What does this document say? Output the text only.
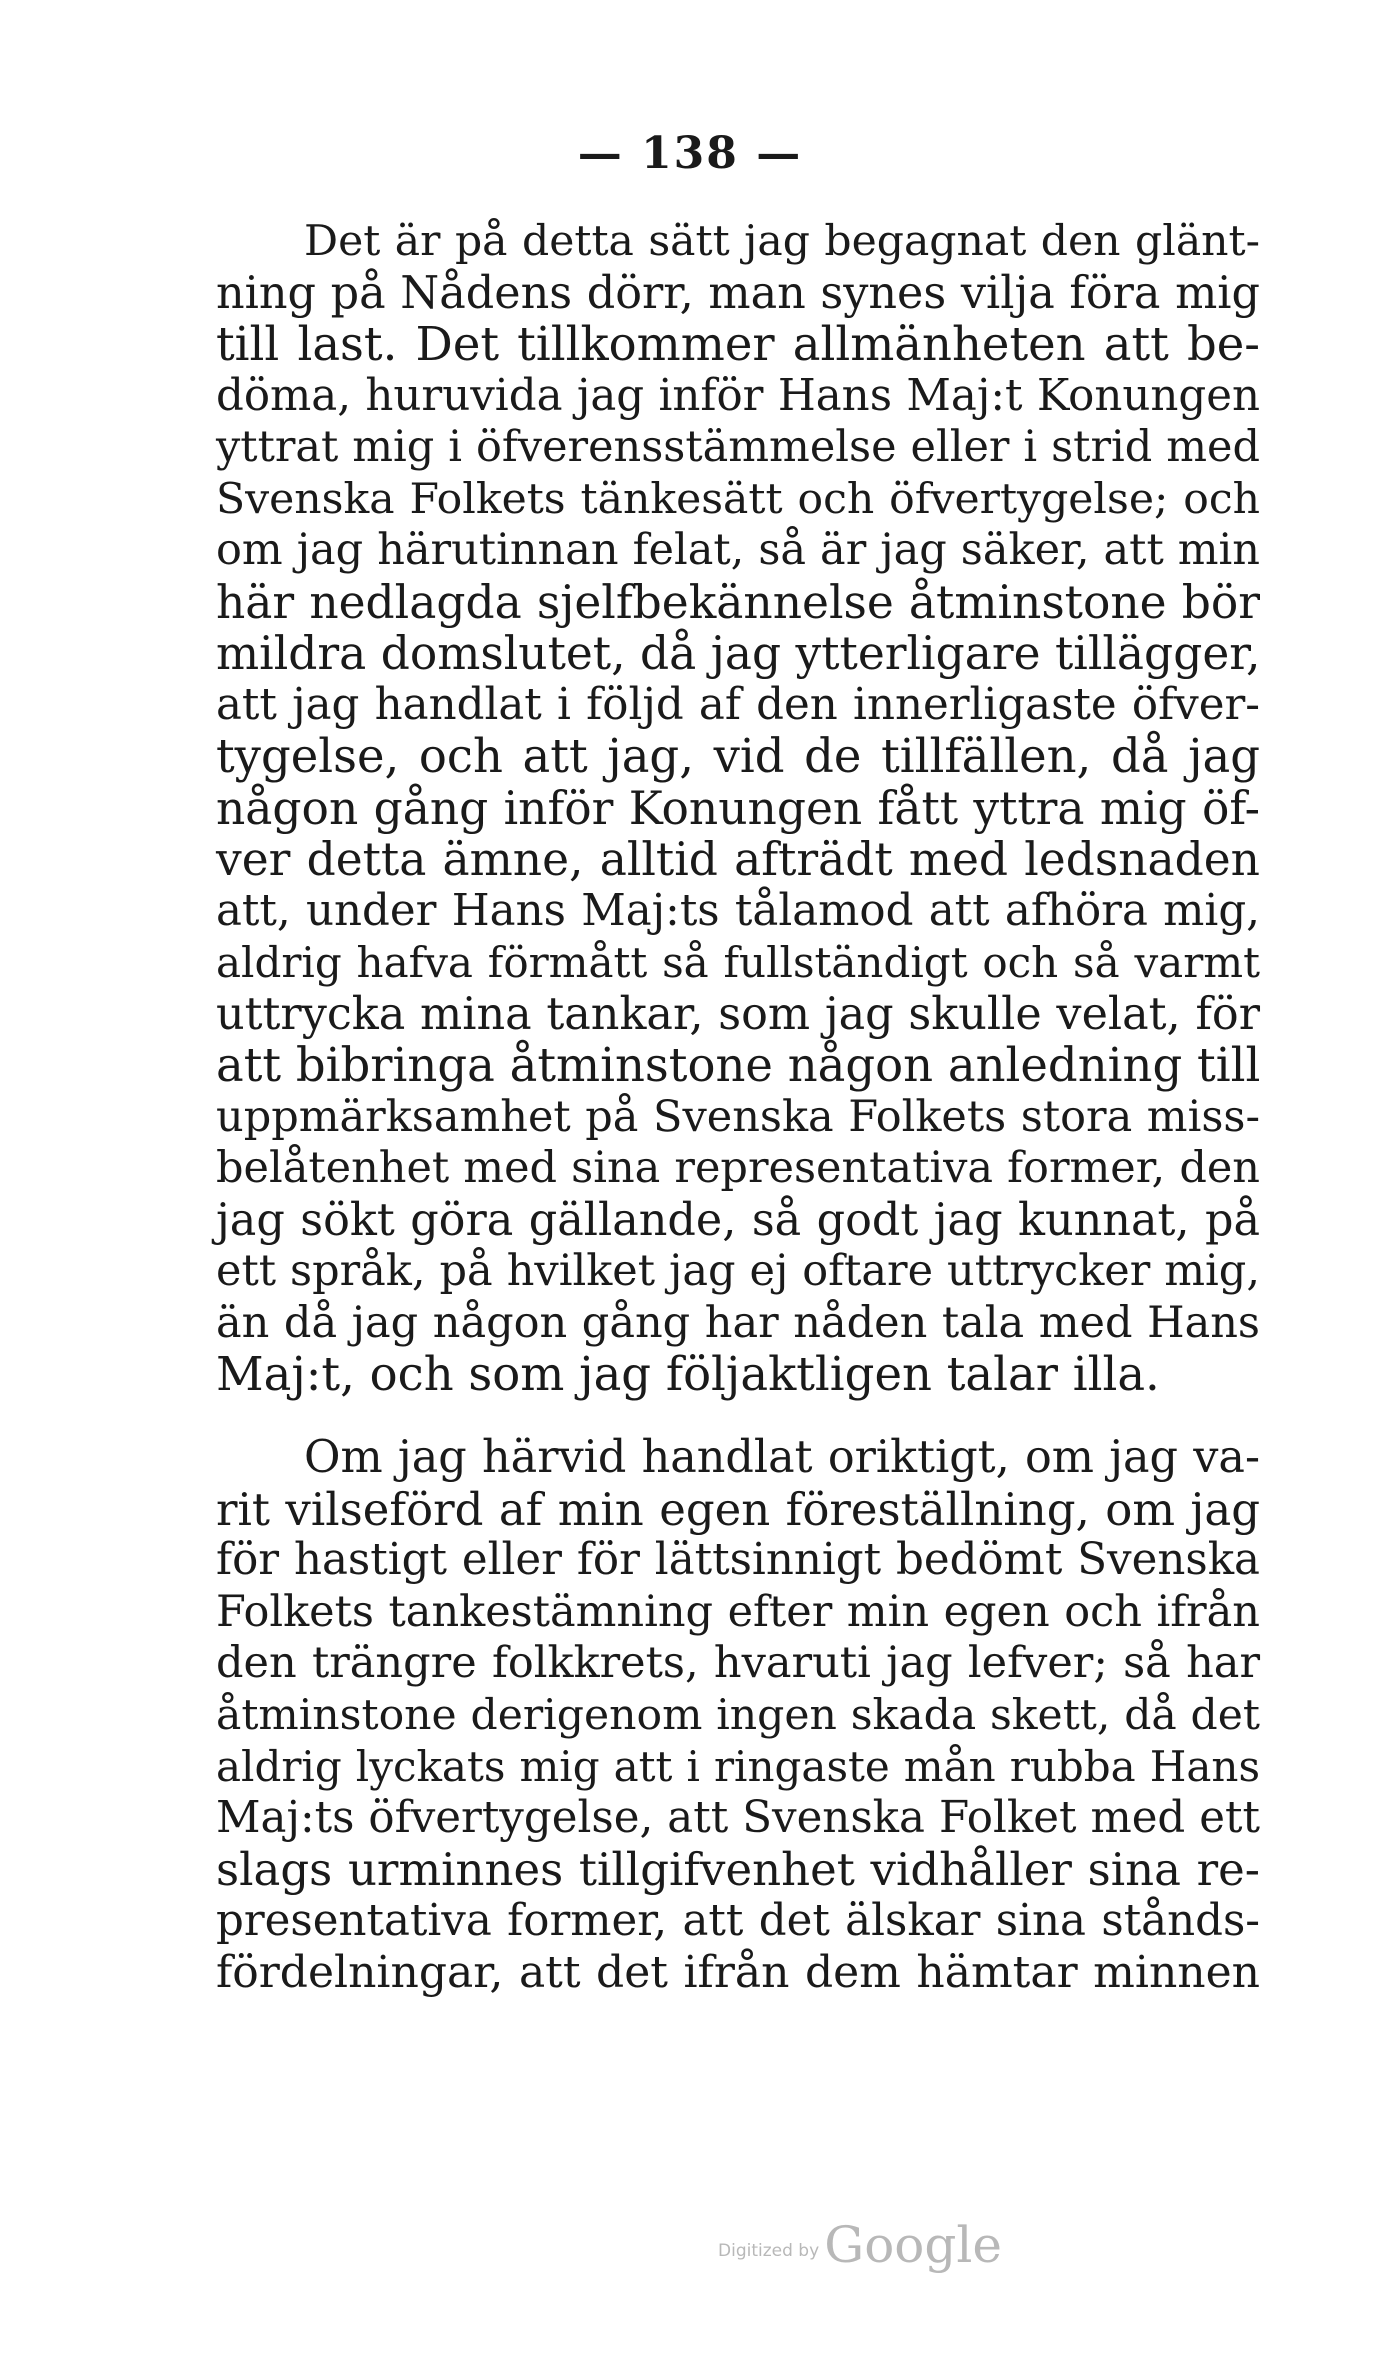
— 138 —
Det är på detta sätt jag begagnat den glänt-
ning på Nådens dörr, man synes vilja föra mig
till last. Det tillkommer allmänheten att be-
döma, huruvida jag inför Hans Maj:t Konungen
yttrat mig i öfverensstämmelse eller i strid med
Svenska Folkets tänkesätt och öfvertygelse; och
om jag härutinnan felat, så är jag säker, att min
här nedlagda sjelfbekännelse åtminstone bör
mildra domslutet, då jag ytterligare tillägger,
att jag handlat i följd af den innerligaste öfver-
tygelse, och att jag, vid de tillfällen, då jag
någon gång inför Konungen fått yttra mig öf-
ver detta ämne, alltid afträdt med ledsnaden
att, under Hans Maj:ts tålamod att afhöra mig,
aldrig hafva förmått så fullständigt och så varmt
uttrycka mina tankar, som jag skulle velat, för
att bibringa åtminstone någon anledning till
uppmärksamhet på Svenska Folkets stora miss-
belåtenhet med sina representativa former, den
jag sökt göra gällande, så godt jag kunnat, på
ett språk, på hvilket jag ej oftare uttrycker mig,
än då jag någon gång har nåden tala med Hans
Maj:t, och som jag följaktligen talar illa.
Om jag härvid handlat oriktigt, om jag va-
rit vilseförd af min egen föreställning, om jag
för hastigt eller för lättsinnigt bedömt Svenska
Folkets tankestämning efter min egen och ifrån
den trängre folkkrets, hvaruti jag lefver; så har
åtminstone derigenom ingen skada skett, då det
aldrig lyckats mig att i ringaste mån rubba Hans
Maj:ts öfvertygelse, att Svenska Folket med ett
slags urminnes tillgifvenhet vidhåller sina re-
presentativa former, att det älskar sina stånds-
fördelningar, att det ifrån dem hämtar minnen
Digitized by Google
